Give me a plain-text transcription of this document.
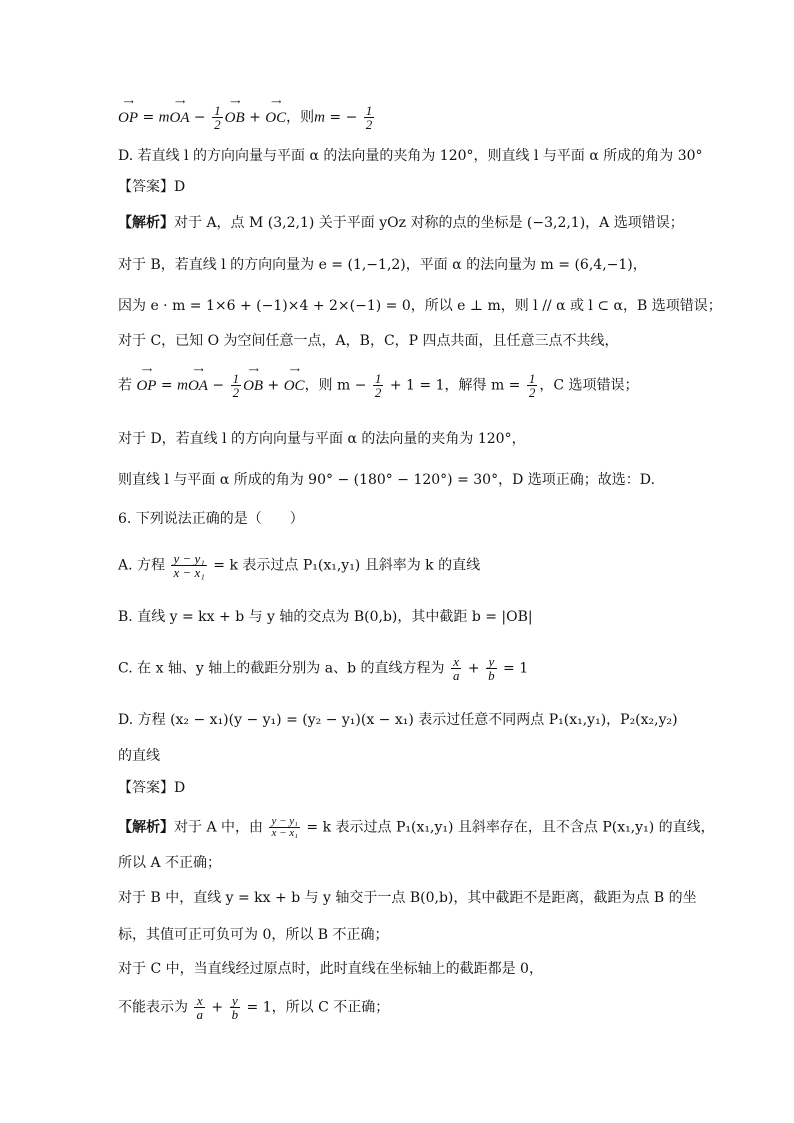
⟶
OP = m
⟶
OA − $\frac{1}{2}$
⟶
OB +
⟶
OC，则m = − $\frac{1}{2}$
D. 若直线 l 的方向向量与平面 α 的法向量的夹角为 120°，则直线 l 与平面 α 所成的角为 30°
【答案】D
【解析】对于 A，点 M (3,2,1) 关于平面 yOz 对称的点的坐标是 (−3,2,1)，A 选项错误；
对于 B，若直线 l 的方向向量为 e = (1,−1,2)，平面 α 的法向量为 m = (6,4,−1)，
因为 e · m = 1×6 + (−1)×4 + 2×(−1) = 0，所以 e ⊥ m，则 l // α 或 l ⊂ α，B 选项错误；
对于 C，已知 O 为空间任意一点，A，B，C，P 四点共面，且任意三点不共线，
若
⟶
OP = m
⟶
OA − $\frac{1}{2}$
⟶
OB +
⟶
OC，则 $m - \frac{1}{2} + 1 = 1$，解得 $m = \frac{1}{2}$ ，C 选项错误；
对于 D，若直线 l 的方向向量与平面 α 的法向量的夹角为 120°，
则直线 l 与平面 α 所成的角为 90° − (180° − 120°) = 30°，D 选项正确；故选：D.
6. 下列说法正确的是（　　）
A. 方程 $\frac{\text{y − y₁}}{\text{x − x₁}} = k$ 表示过点 P₁(x₁,y₁) 且斜率为 k 的直线
B. 直线 y = kx + b 与 y 轴的交点为 B(0,b)，其中截距 b = |OB|
C. 在 x 轴、y 轴上的截距分别为 a、b 的直线方程为 $\frac{x}{a} + \frac{y}{b} = 1$
D. 方程 (x₂ − x₁)(y − y₁) = (y₂ − y₁)(x − x₁) 表示过任意不同两点 P₁(x₁,y₁)，P₂(x₂,y₂)
的直线
【答案】D
【解析】对于 A 中，由 $\frac{\text{y − y₁}}{\text{x − x₁}} = k$ 表示过点 P₁(x₁,y₁) 且斜率存在，且不含点 P(x₁,y₁) 的直线，
所以 A 不正确；
对于 B 中，直线 y = kx + b 与 y 轴交于一点 B(0,b)，其中截距不是距离，截距为点 B 的坐
标，其值可正可负可为 0，所以 B 不正确；
对于 C 中，当直线经过原点时，此时直线在坐标轴上的截距都是 0，
不能表示为 $\frac{x}{a} + \frac{y}{b} = 1$，所以 C 不正确；
